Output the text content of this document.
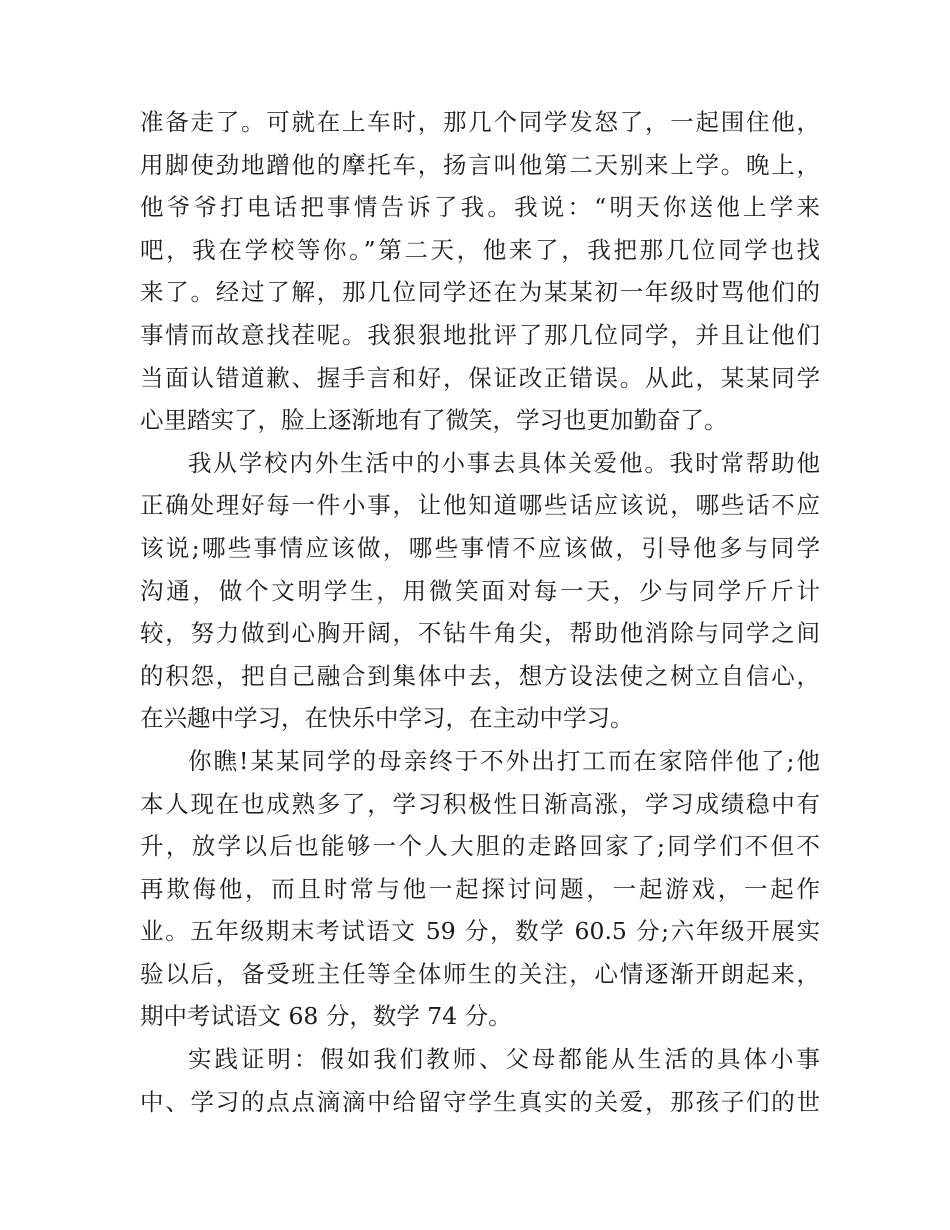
准备走了。可就在上车时，那几个同学发怒了，一起围住他，
用脚使劲地蹭他的摩托车，扬言叫他第二天别来上学。晚上，
他爷爷打电话把事情告诉了我。我说：“明天你送他上学来
吧，我在学校等你。”第二天，他来了，我把那几位同学也找
来了。经过了解，那几位同学还在为某某初一年级时骂他们的
事情而故意找茬呢。我狠狠地批评了那几位同学，并且让他们
当面认错道歉、握手言和好，保证改正错误。从此，某某同学
心里踏实了，脸上逐渐地有了微笑，学习也更加勤奋了。
我从学校内外生活中的小事去具体关爱他。我时常帮助他
正确处理好每一件小事，让他知道哪些话应该说，哪些话不应
该说;哪些事情应该做，哪些事情不应该做，引导他多与同学
沟通，做个文明学生，用微笑面对每一天，少与同学斤斤计
较，努力做到心胸开阔，不钻牛角尖，帮助他消除与同学之间
的积怨，把自己融合到集体中去，想方设法使之树立自信心，
在兴趣中学习，在快乐中学习，在主动中学习。
你瞧!某某同学的母亲终于不外出打工而在家陪伴他了;他
本人现在也成熟多了，学习积极性日渐高涨，学习成绩稳中有
升，放学以后也能够一个人大胆的走路回家了;同学们不但不
再欺侮他，而且时常与他一起探讨问题，一起游戏，一起作
业。五年级期末考试语文 59 分，数学 60.5 分;六年级开展实
验以后，备受班主任等全体师生的关注，心情逐渐开朗起来，
期中考试语文 68 分，数学 74 分。
实践证明：假如我们教师、父母都能从生活的具体小事
中、学习的点点滴滴中给留守学生真实的关爱，那孩子们的世
